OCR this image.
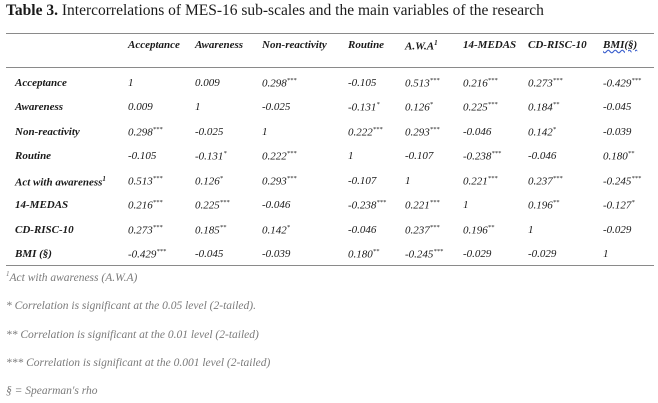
Table 3. Intercorrelations of MES-16 sub-scales and the main variables of the research
Acceptance Awareness Non-reactivity Routine $A.W.A^1$ 14-MEDAS CD-RISC-10 BMI(§)
Acceptance	1	0.009	0.298***	-0.105	0.513*** 0.216***	0.273***	-0.429***
Awareness	0.009	1	-0.025	-0.131* 0.126*	0.225***	0.184**	-0.045
Non-reactivity	0.298***	-0.025	1	0.222*** 0.293*** -0.046	0.142*	-0.039
Routine	-0.105	-0.131*	0.222***	1	-0.107	-0.238*** -0.046	0.180**
Act with awareness$^1$ 0.513***	0.126*	0.293***	-0.107	1	0.221***	0.237***	-0.245***
14-MEDAS	0.216***	0.225***	-0.046	-0.238*** 0.221*** 1	0.196**	-0.127*
CD-RISC-10	0.273***	0.185**	0.142*	-0.046	0.237*** 0.196**	1	-0.029
BMI (§)	-0.429***	-0.045	-0.039	0.180** -0.245*** -0.029	-0.029	1
$^1$Act with awareness (A.W.A)
* Correlation is significant at the 0.05 level (2-tailed).
** Correlation is significant at the 0.01 level (2-tailed)
*** Correlation is significant at the 0.001 level (2-tailed)
§ = Spearman's rho
